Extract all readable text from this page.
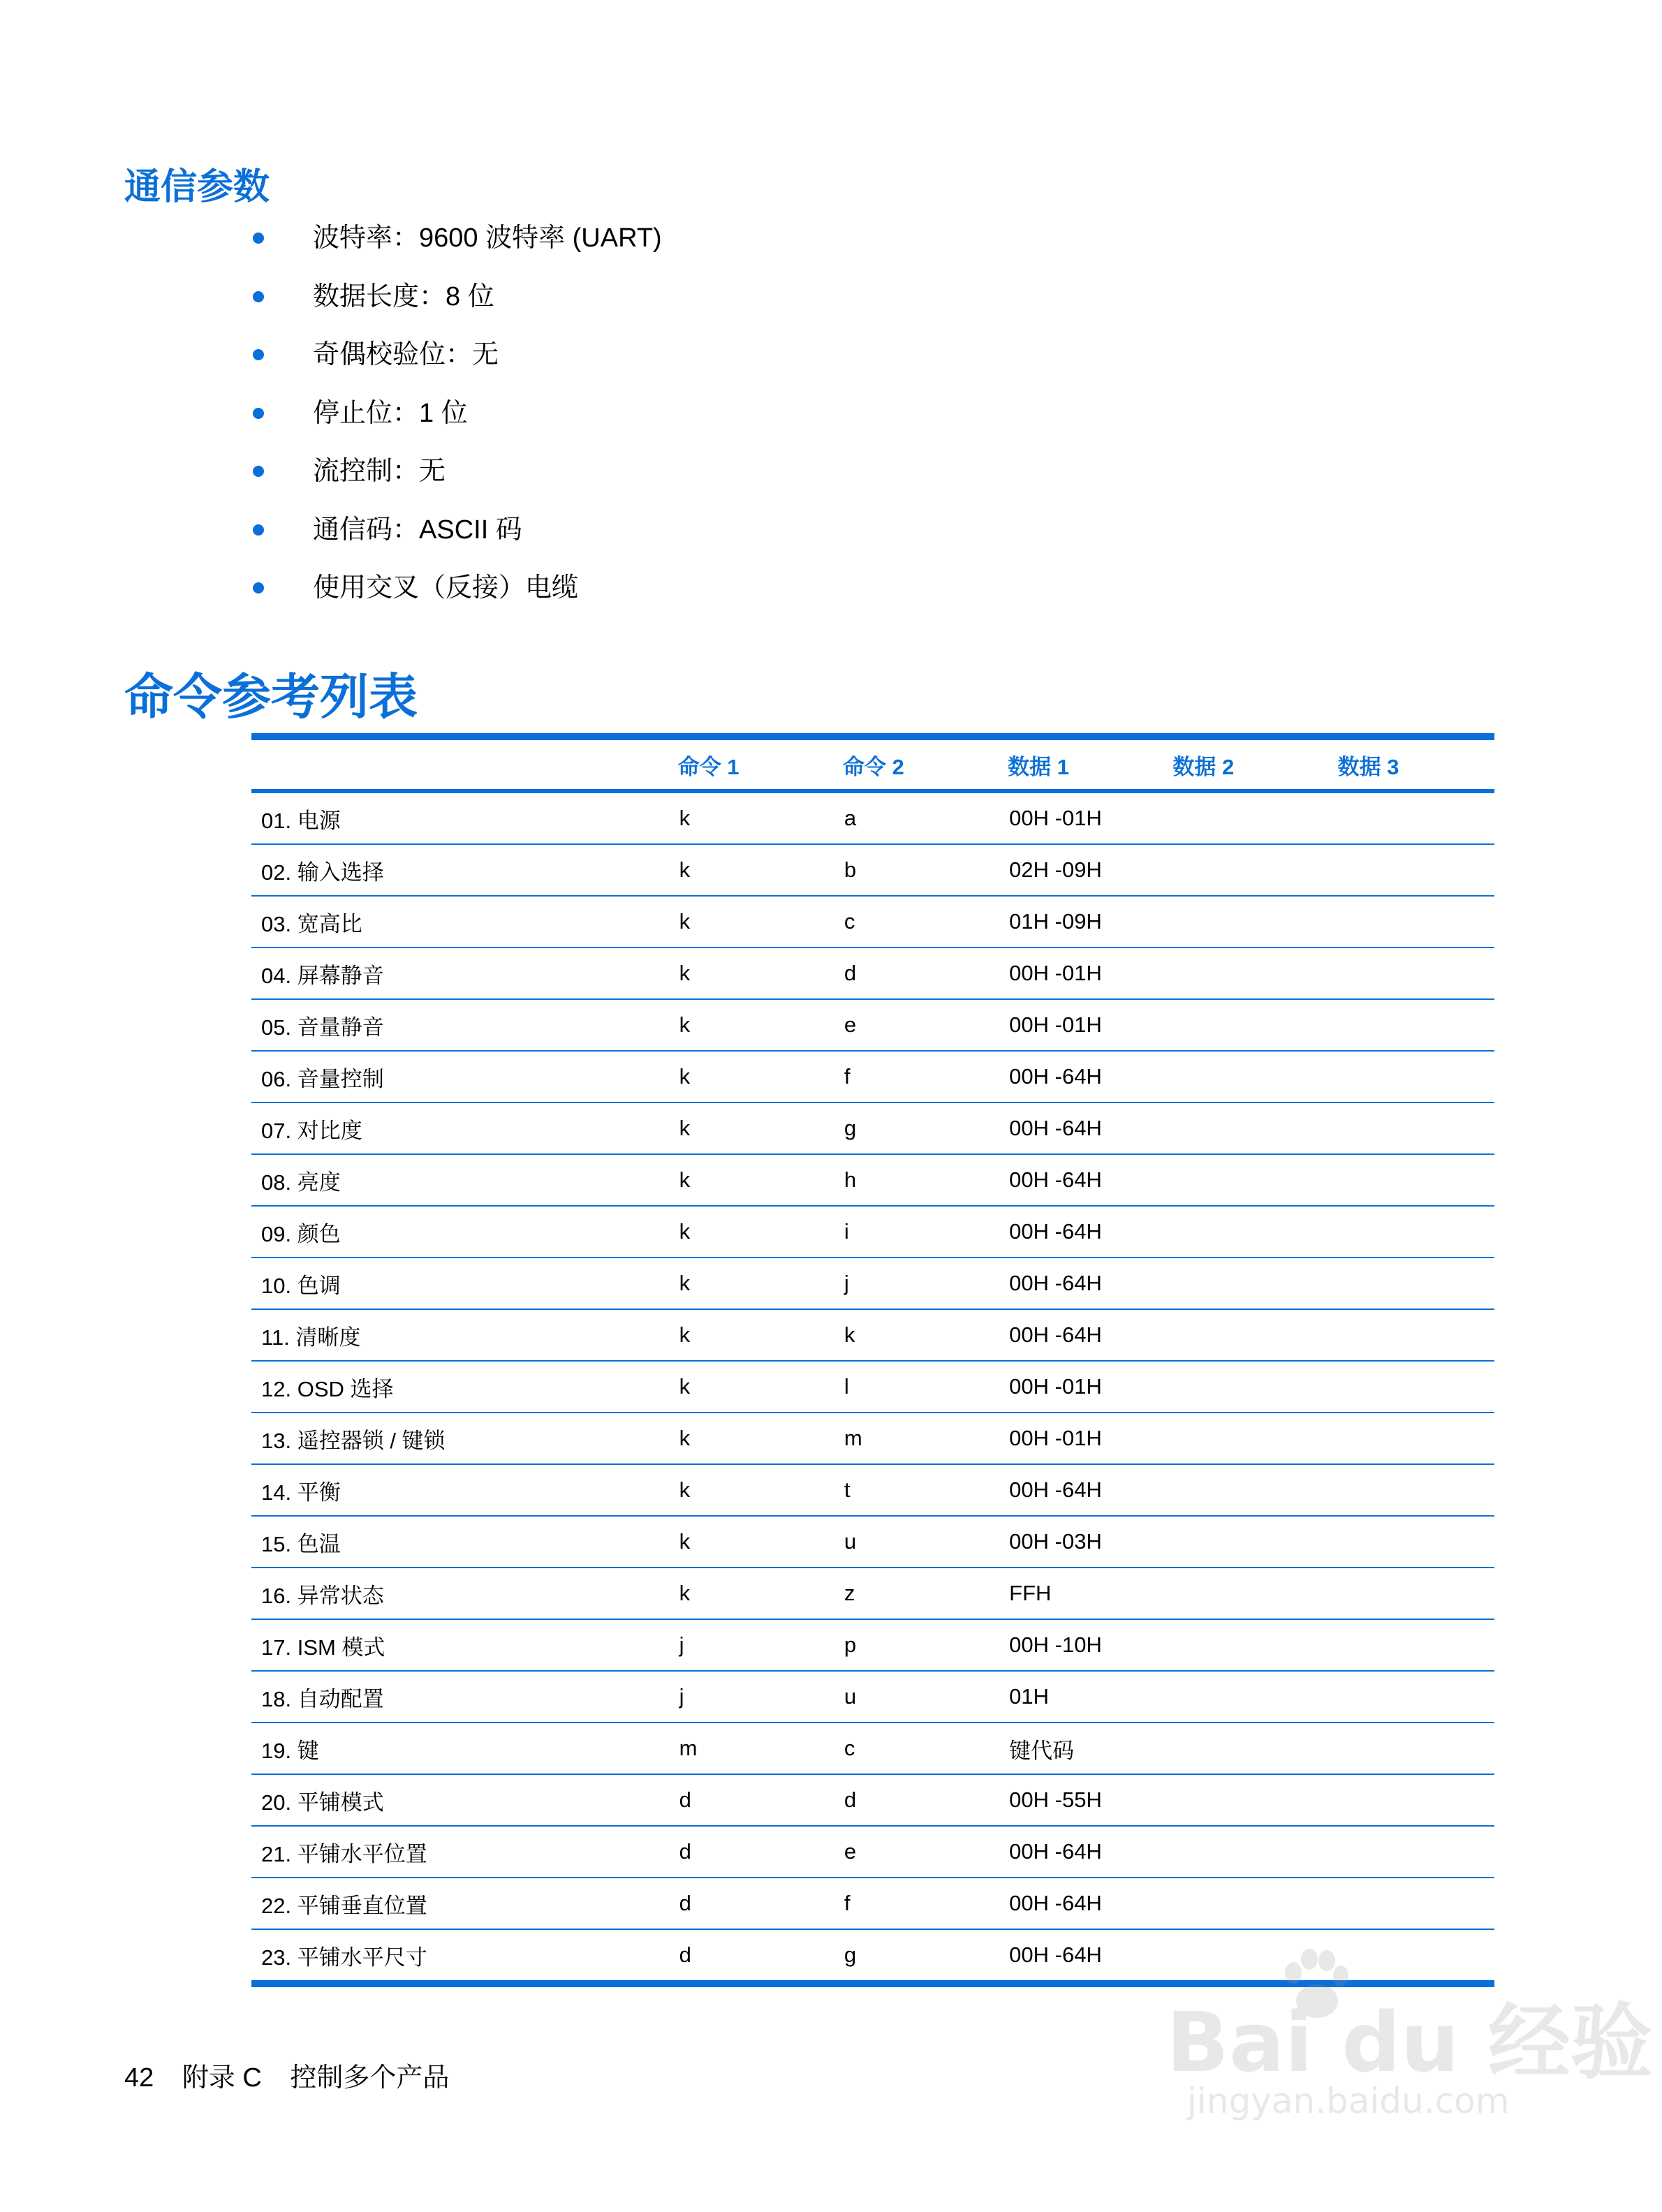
通信参数
波特率：9600 波特率 (UART)
数据长度：8 位
奇偶校验位：无
停止位：1 位
流控制：无
通信码：ASCII 码
使用交叉（反接）电缆
命令参考列表
	命令 1	命令 2	数据 1	数据 2	数据 3
01. 电源	k	a	00H -01H		
02. 输入选择	k	b	02H -09H		
03. 宽高比	k	c	01H -09H		
04. 屏幕静音	k	d	00H -01H		
05. 音量静音	k	e	00H -01H		
06. 音量控制	k	f	00H -64H		
07. 对比度	k	g	00H -64H		
08. 亮度	k	h	00H -64H		
09. 颜色	k	i	00H -64H		
10. 色调	k	j	00H -64H		
11. 清晰度	k	k	00H -64H		
12. OSD 选择	k	l	00H -01H		
13. 遥控器锁 / 键锁	k	m	00H -01H		
14. 平衡	k	t	00H -64H		
15. 色温	k	u	00H -03H		
16. 异常状态	k	z	FFH		
17. ISM 模式	j	p	00H -10H		
18. 自动配置	j	u	01H		
19. 键	m	c	键代码		
20. 平铺模式	d	d	00H -55H		
21. 平铺水平位置	d	e	00H -64H		
22. 平铺垂直位置	d	f	00H -64H		
23. 平铺水平尺寸	d	g	00H -64H		
42 附录 C 控制多个产品	Bai du 经验
jingyan.baidu.com
